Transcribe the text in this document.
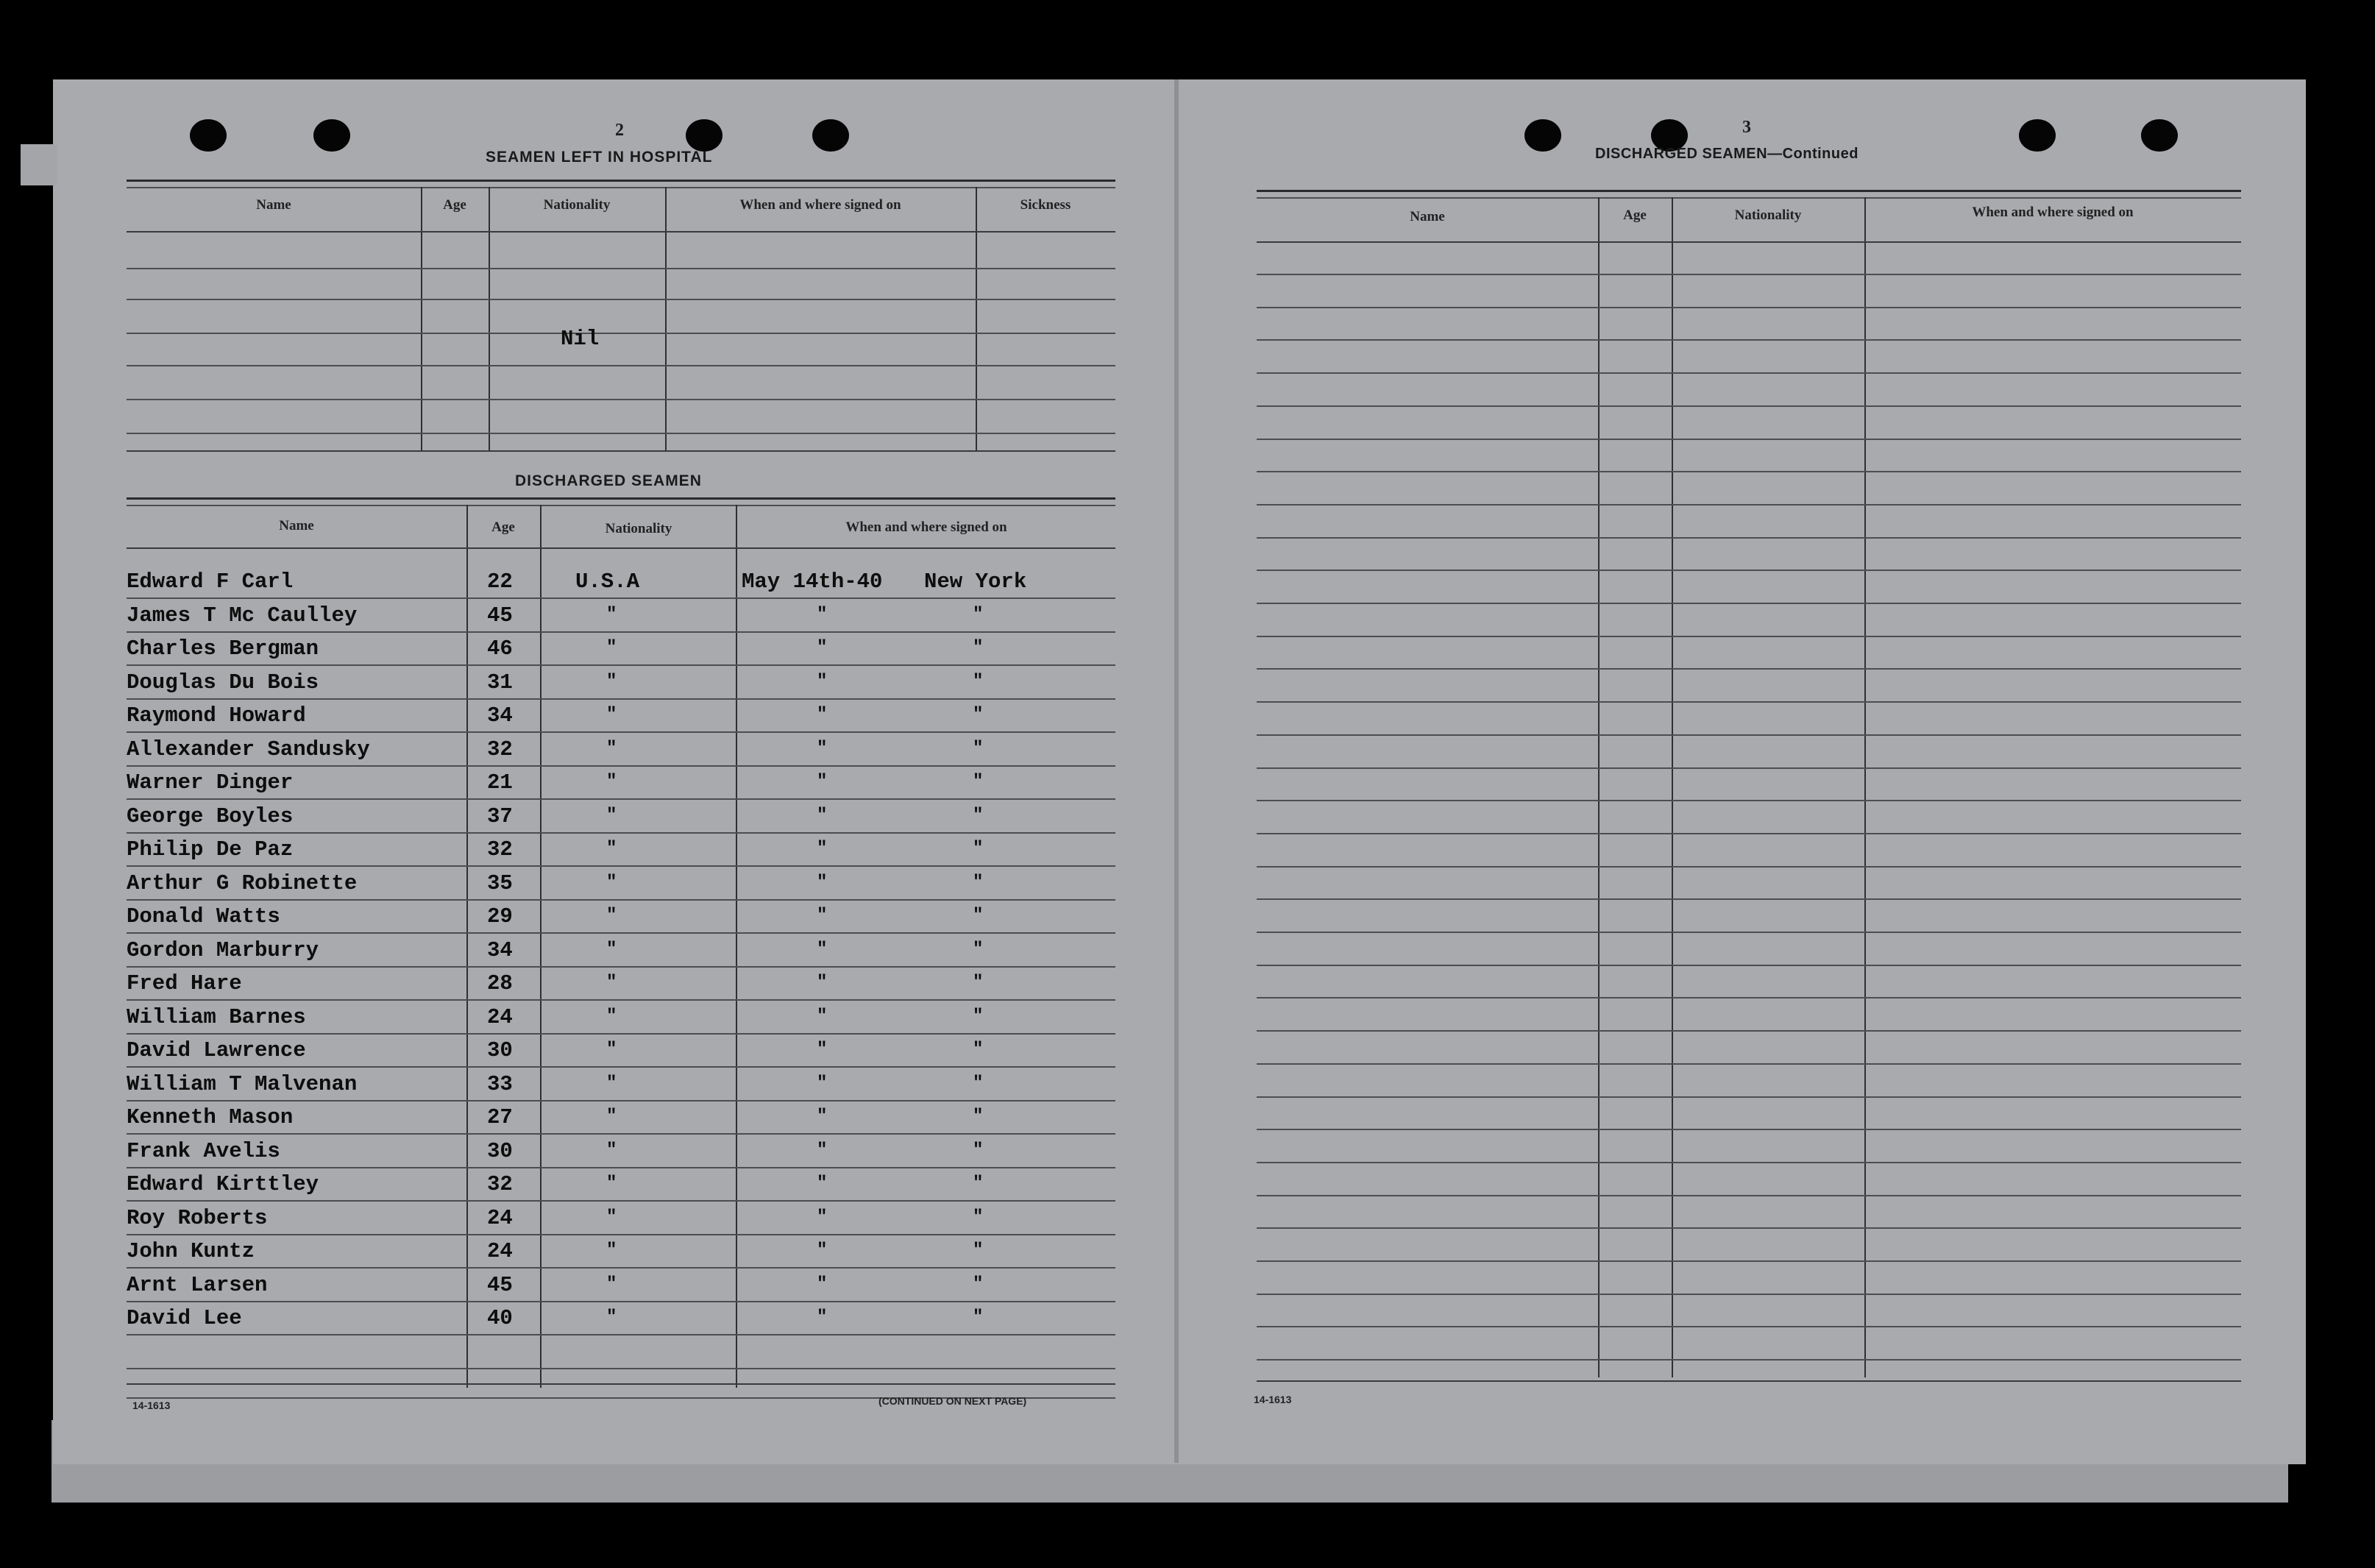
2
SEAMEN LEFT IN HOSPITAL
Name	Age	Nationality	When and where signed on	Sickness
Nil
DISCHARGED SEAMEN
Name	Age	Nationality	When and where signed on
Edward F Carl	22	U.S.A	May 14th-40 New York
James T Mc Caulley	45	"	"	"
Charles Bergman	46	"	"	"
Douglas Du Bois	31	"	"	"
Raymond Howard	34	"	"	"
Allexander Sandusky	32	"	"	"
Warner Dinger	21	"	"	"
George Boyles	37	"	"	"
Philip De Paz	32	"	"	"
Arthur G Robinette	35	"	"	"
Donald Watts	29	"	"	"
Gordon Marburry	34	"	"	"
Fred Hare	28	"	"	"
William Barnes	24	"	"	"
David Lawrence	30	"	"	"
William T Malvenan	33	"	"	"
Kenneth Mason	27	"	"	"
Frank Avelis	30	"	"	"
Edward Kirttley	32	"	"	"
Roy Roberts	24	"	"	"
John Kuntz	24	"	"	"
Arnt Larsen	45	"	"	"
David Lee	40	"	"	"
14-1613	(CONTINUED ON NEXT PAGE)
3
DISCHARGED SEAMEN—Continued
Name	Age	Nationality	When and where signed on
14-1613
